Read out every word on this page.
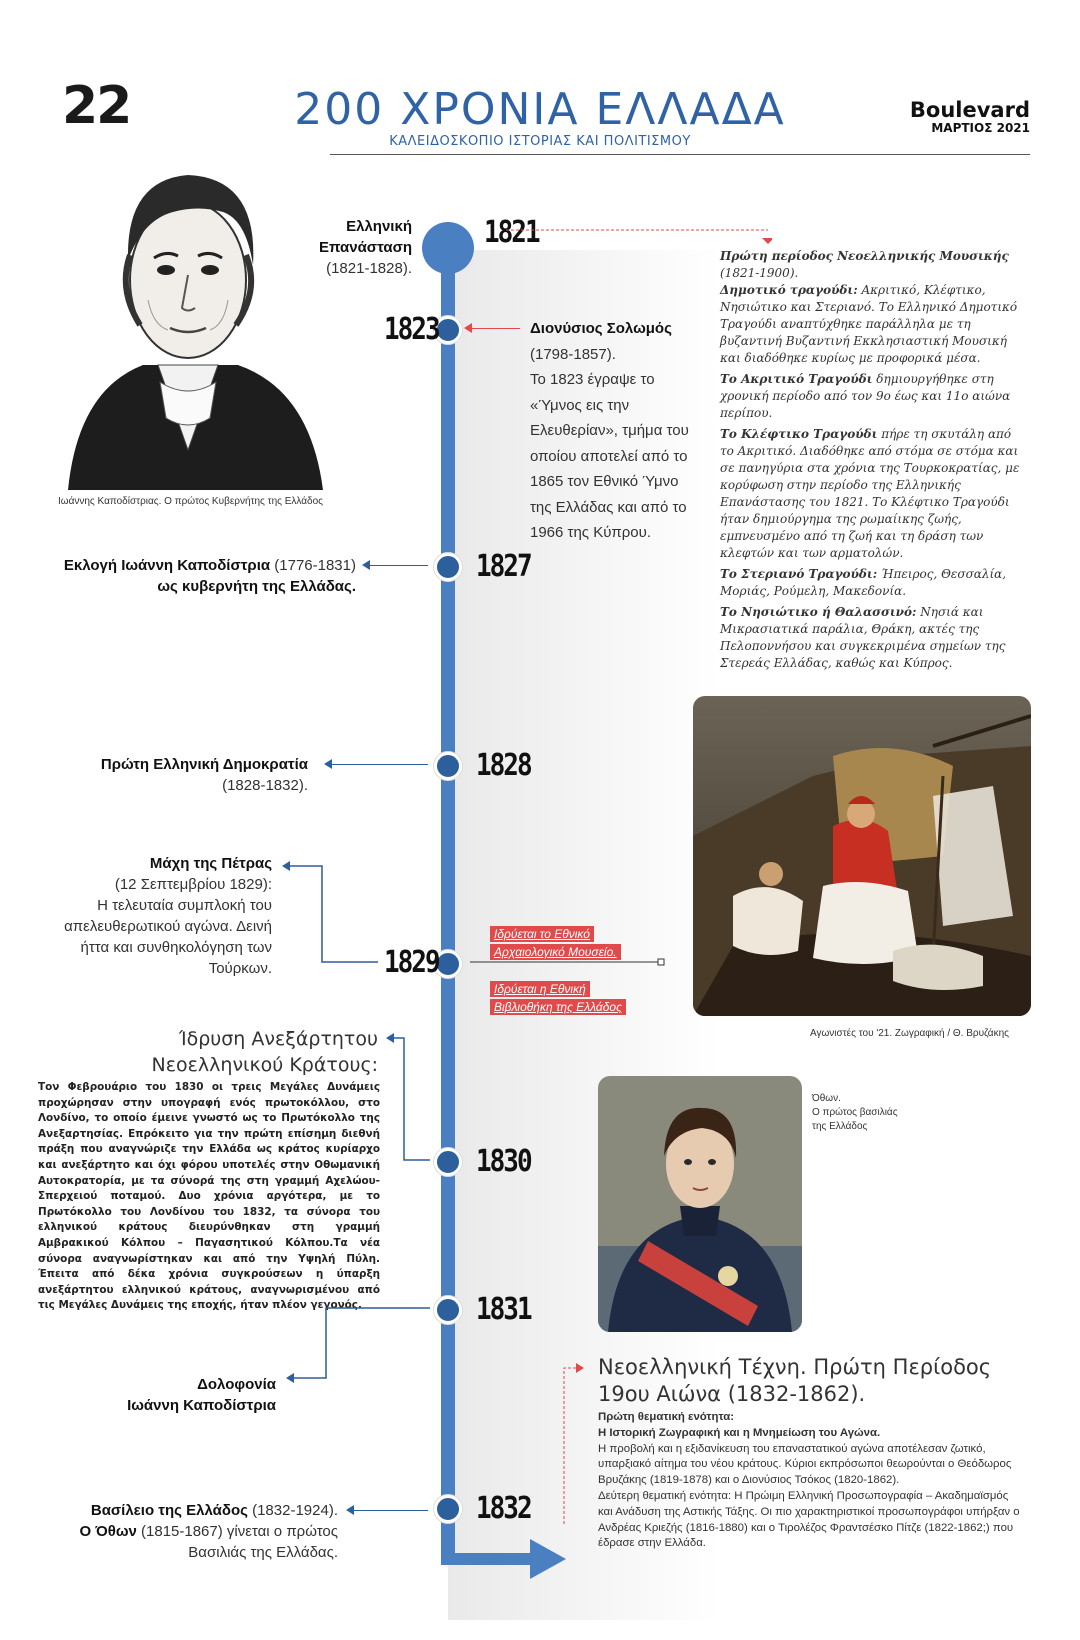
22	200 ΧΡΟΝΙΑ ΕΛΛΑΔΑ
ΚΑΛΕΙΔΟΣΚΟΠΙΟ ΙΣΤΟΡΙΑΣ ΚΑΙ ΠΟΛΙΤΙΣΜΟΥ
Boulevard
ΜΑΡΤΙΟΣ 2021
1821
1823
1827
1828
1829
1830
1831
1832
Ιωάννης Καποδίστριας. Ο πρώτος Κυβερνήτης της Ελλάδος
Ελληνική Επανάσταση
(1821-1828).
Πρώτη περίοδος Νεοελληνικής Μουσικής
(1821-1900).
Δημοτικό τραγούδι: Ακριτικό, Κλέφτικο, Νησιώτικο και Στεριανό. Το Ελληνικό Δημοτικό Τραγούδι αναπτύχθηκε παράλληλα με τη βυζαντινή Βυζαντινή Εκκλησιαστική Μουσική και διαδόθηκε κυρίως με προφορικά μέσα.
Το Ακριτικό Τραγούδι δημιουργήθηκε στη χρονική περίοδο από τον 9ο έως και 11ο αιώνα περίπου.
Το Κλέφτικο Τραγούδι πήρε τη σκυτάλη από το Ακριτικό. Διαδόθηκε από στόμα σε στόμα και σε πανηγύρια στα χρόνια της Τουρκοκρατίας, με κορύφωση στην περίοδο της Ελληνικής Επανάστασης του 1821. Το Κλέφτικο Τραγούδι ήταν δημιούργημα της ρωμαίικης ζωής, εμπνευσμένο από τη ζωή και τη δράση των κλεφτών και των αρματολών.
Το Στεριανό Τραγούδι: Ήπειρος, Θεσσαλία, Μοριάς, Ρούμελη, Μακεδονία.
Το Νησιώτικο ή Θαλασσινό: Νησιά και Μικρασιατικά παράλια, Θράκη, ακτές της Πελοποννήσου και συγκεκριμένα σημείων της Στερεάς Ελλάδας, καθώς και Κύπρος.
Διονύσιος Σολωμός
(1798-1857).
Το 1823 έγραψε το «Ύμνος εις την Ελευθερίαν», τμήμα του οποίου αποτελεί από το 1865 τον Εθνικό Ύμνο της Ελλάδας και από το 1966 της Κύπρου.
Εκλογή Ιωάννη Καποδίστρια (1776-1831)
ως κυβερνήτη της Ελλάδας.
Πρώτη Ελληνική Δημοκρατία
(1828-1832).
Μάχη της Πέτρας
(12 Σεπτεμβρίου 1829):
Η τελευταία συμπλοκή του απελευθερωτικού αγώνα. Δεινή ήττα και συνθηκολόγηση των Τούρκων.
Ιδρύεται το Εθνικό
Αρχαιολογικό Μουσείο.
Ιδρύεται η Εθνική
Βιβλιοθήκη της Ελλάδος
Αγωνιστές του '21. Ζωγραφική / Θ. Βρυζάκης
Ίδρυση Ανεξάρτητου Νεοελληνικού Κράτους:
Τον Φεβρουάριο του 1830 οι τρεις Μεγάλες Δυνάμεις προχώρησαν στην υπογραφή ενός πρωτοκόλλου, στο Λονδίνο, το οποίο έμεινε γνωστό ως το Πρωτόκολλο της Ανεξαρτησίας. Επρόκειτο για την πρώτη επίσημη διεθνή πράξη που αναγνώριζε την Ελλάδα ως κράτος κυρίαρχο και ανεξάρτητο και όχι φόρου υποτελές στην Οθωμανική Αυτοκρατορία, με τα σύνορά της στη γραμμή Αχελώου-Σπερχειού ποταμού. Δυο χρόνια αργότερα, με το Πρωτόκολλο του Λονδίνου του 1832, τα σύνορα του ελληνικού κράτους διευρύνθηκαν στη γραμμή Αμβρακικού Κόλπου – Παγασητικού Κόλπου.Τα νέα σύνορα αναγνωρίστηκαν και από την Υψηλή Πύλη. Έπειτα από δέκα χρόνια συγκρούσεων η ύπαρξη ανεξάρτητου ελληνικού κράτους, αναγνωρισμένου από τις Μεγάλες Δυνάμεις της εποχής, ήταν πλέον γεγονός.
Όθων.
Ο πρώτος βασιλιάς
της Ελλάδος
Δολοφονία
Ιωάννη Καποδίστρια
Νεοελληνική Τέχνη. Πρώτη Περίοδος 19ου Αιώνα (1832-1862).
Πρώτη θεματική ενότητα:
Η Ιστορική Ζωγραφική και η Μνημείωση του Αγώνα.
Η προβολή και η εξιδανίκευση του επαναστατικού αγώνα αποτέλεσαν ζωτικό, υπαρξιακό αίτημα του νέου κράτους. Κύριοι εκπρόσωποι θεωρούνται ο Θεόδωρος Βρυζάκης (1819-1878) και ο Διονύσιος Τσόκος (1820-1862).
Δεύτερη θεματική ενότητα: Η Πρώιμη Ελληνική Προσωπογραφία – Ακαδημαϊσμός και Ανάδυση της Αστικής Τάξης. Οι πιο χαρακτηριστικοί προσωπογράφοι υπήρξαν ο Ανδρέας Κριεζής (1816-1880) και ο Τιρολέζος Φραντσέσκο Πίτζε (1822-1862;) που έδρασε στην Ελλάδα.
Βασίλειο της Ελλάδος (1832-1924).
Ο Όθων (1815-1867) γίνεται ο πρώτος Βασιλιάς της Ελλάδας.
